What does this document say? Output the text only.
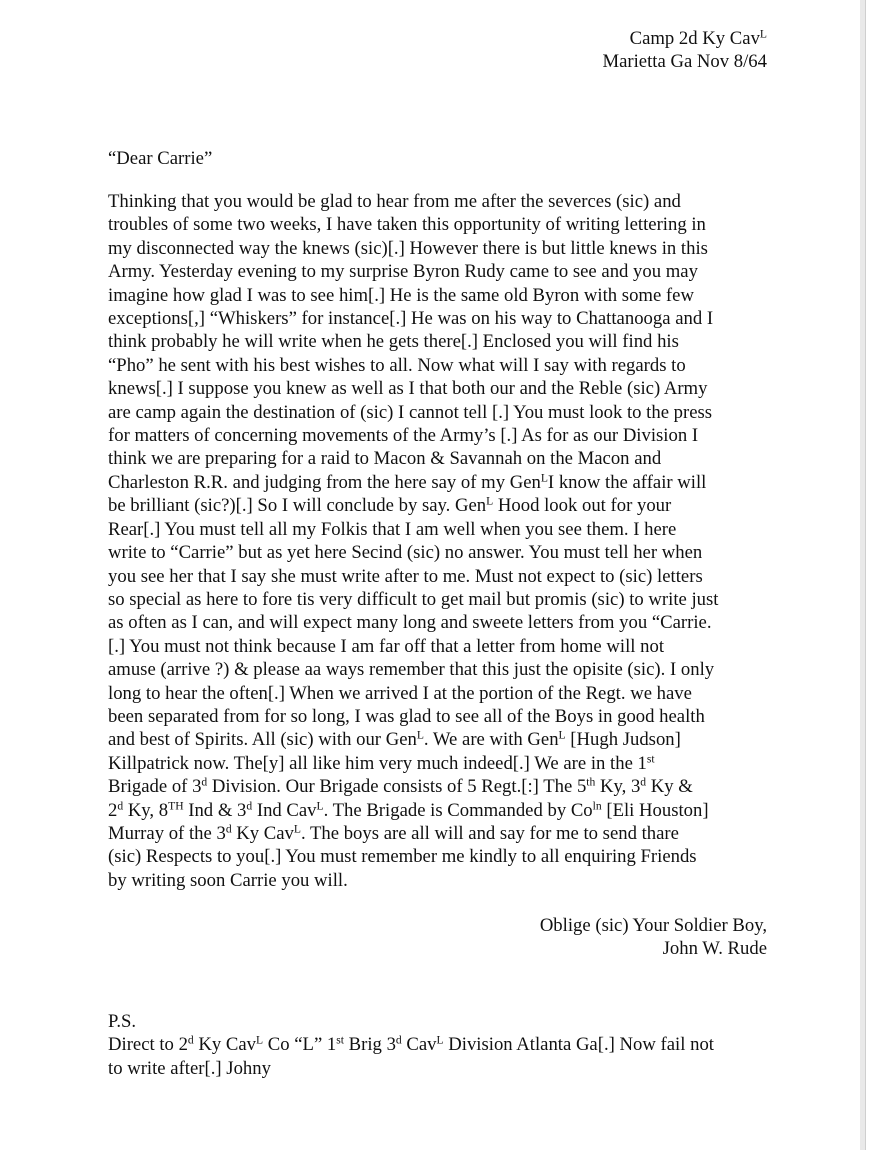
Camp 2d Ky Cav$^L$
Marietta Ga Nov 8/64
“Dear Carrie”
Thinking that you would be glad to hear from me after the severces (sic) and
troubles of some two weeks, I have taken this opportunity of writing lettering in
my disconnected way the knews (sic)[.] However there is but little knews in this
Army. Yesterday evening to my surprise Byron Rudy came to see and you may
imagine how glad I was to see him[.] He is the same old Byron with some few
exceptions[,] “Whiskers” for instance[.] He was on his way to Chattanooga and I
think probably he will write when he gets there[.] Enclosed you will find his
“Pho” he sent with his best wishes to all. Now what will I say with regards to
knews[.] I suppose you knew as well as I that both our and the Reble (sic) Army
are camp again the destination of (sic) I cannot tell [.] You must look to the press
for matters of concerning movements of the Army’s [.] As for as our Division I
think we are preparing for a raid to Macon & Savannah on the Macon and
Charleston R.R. and judging from the here say of my Gen$^L$I know the affair will
be brilliant (sic?)[.] So I will conclude by say. Gen$^L$ Hood look out for your
Rear[.] You must tell all my Folkis that I am well when you see them. I here
write to “Carrie” but as yet here Secind (sic) no answer. You must tell her when
you see her that I say she must write after to me. Must not expect to (sic) letters
so special as here to fore tis very difficult to get mail but promis (sic) to write just
as often as I can, and will expect many long and sweete letters from you “Carrie.
[.] You must not think because I am far off that a letter from home will not
amuse (arrive ?) & please aa ways remember that this just the opisite (sic). I only
long to hear the often[.] When we arrived I at the portion of the Regt. we have
been separated from for so long, I was glad to see all of the Boys in good health
and best of Spirits. All (sic) with our Gen$^L$. We are with Gen$^L$ [Hugh Judson]
Killpatrick now. The[y] all like him very much indeed[.] We are in the 1st
Brigade of 3$^d$ Division. Our Brigade consists of 5 Regt.[:] The 5th Ky, 3$^d$ Ky &
2$^d$ Ky, 8TH Ind & 3$^d$ Ind Cav$^L$. The Brigade is Commanded by $Co^{ln}$ [Eli Houston]
Murray of the 3$^d$ Ky Cav$^L$. The boys are all will and say for me to send thare
(sic) Respects to you[.] You must remember me kindly to all enquiring Friends
by writing soon Carrie you will.
Oblige (sic) Your Soldier Boy,
John W. Rude
P.S.
Direct to 2$^d$ Ky Cav$^L$ Co “L” 1st Brig 3$^d$ Cav$^L$ Division Atlanta Ga[.] Now fail not
to write after[.] Johny
